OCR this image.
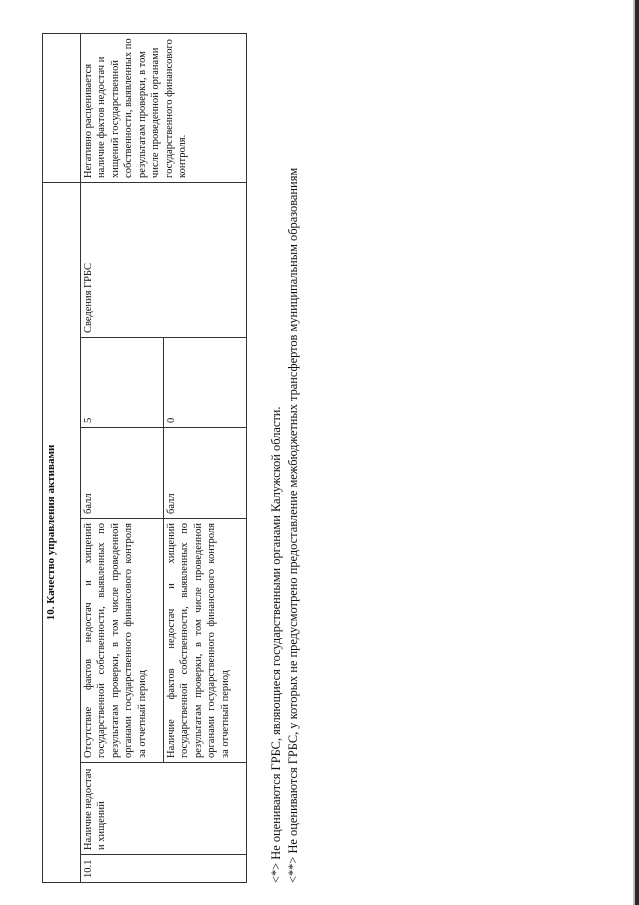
10. Качество управления активами						
10.1	Наличие недостач и хищений	Отсутствие фактов недостач и хищений государственной собственности, выявленных по результатам проверки, в том числе проведенной органами государственного финансового контроля за отчетный период	балл	5	Сведения ГРБС	Негативно расценивается наличие фактов недостач и хищений государственной собственности, выявленных по результатам проверки, в том числе проведенной органами государственного финансового контроля.
		Наличие фактов недостач и хищений государственной собственности, выявленных по результатам проверки, в том числе проведенной органами государственного финансового контроля за отчетный период	балл	0			<*> Не оцениваются ГРБС, являющиеся государственными органами Калужской области. <**> Не оцениваются ГРБС, у которых не предусмотрено предоставление межбюджетных трансфертов муниципальным образованиям
